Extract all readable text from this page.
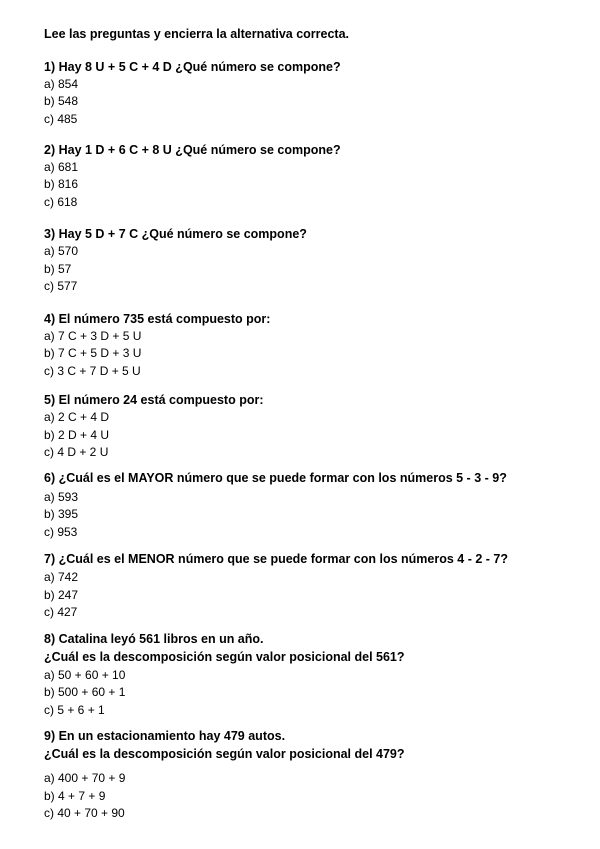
Lee las preguntas y encierra la alternativa correcta.
1) Hay 8 U + 5 C + 4 D ¿Qué número se compone?
a) 854
b) 548
c) 485
2) Hay 1 D + 6 C + 8 U ¿Qué número se compone?
a) 681
b) 816
c) 618
3) Hay 5 D + 7 C ¿Qué número se compone?
a) 570
b) 57
c) 577
4) El número 735 está compuesto por:
a) 7 C + 3 D + 5 U
b) 7 C + 5 D + 3 U
c) 3 C + 7 D + 5 U
5) El número 24 está compuesto por:
a) 2 C + 4 D
b) 2 D + 4 U
c) 4 D + 2 U
6) ¿Cuál es el MAYOR número que se puede formar con los números 5 - 3 - 9?
a) 593
b) 395
c) 953
7) ¿Cuál es el MENOR número que se puede formar con los números 4 - 2 - 7?
a) 742
b) 247
c) 427
8) Catalina leyó 561 libros en un año.
¿Cuál es la descomposición según valor posicional del 561?
a) 50 + 60 + 10
b) 500 + 60 + 1
c) 5 + 6 + 1
9) En un estacionamiento hay 479 autos.
¿Cuál es la descomposición según valor posicional del 479?
a) 400 + 70 + 9
b) 4 + 7 + 9
c) 40 + 70 + 90
